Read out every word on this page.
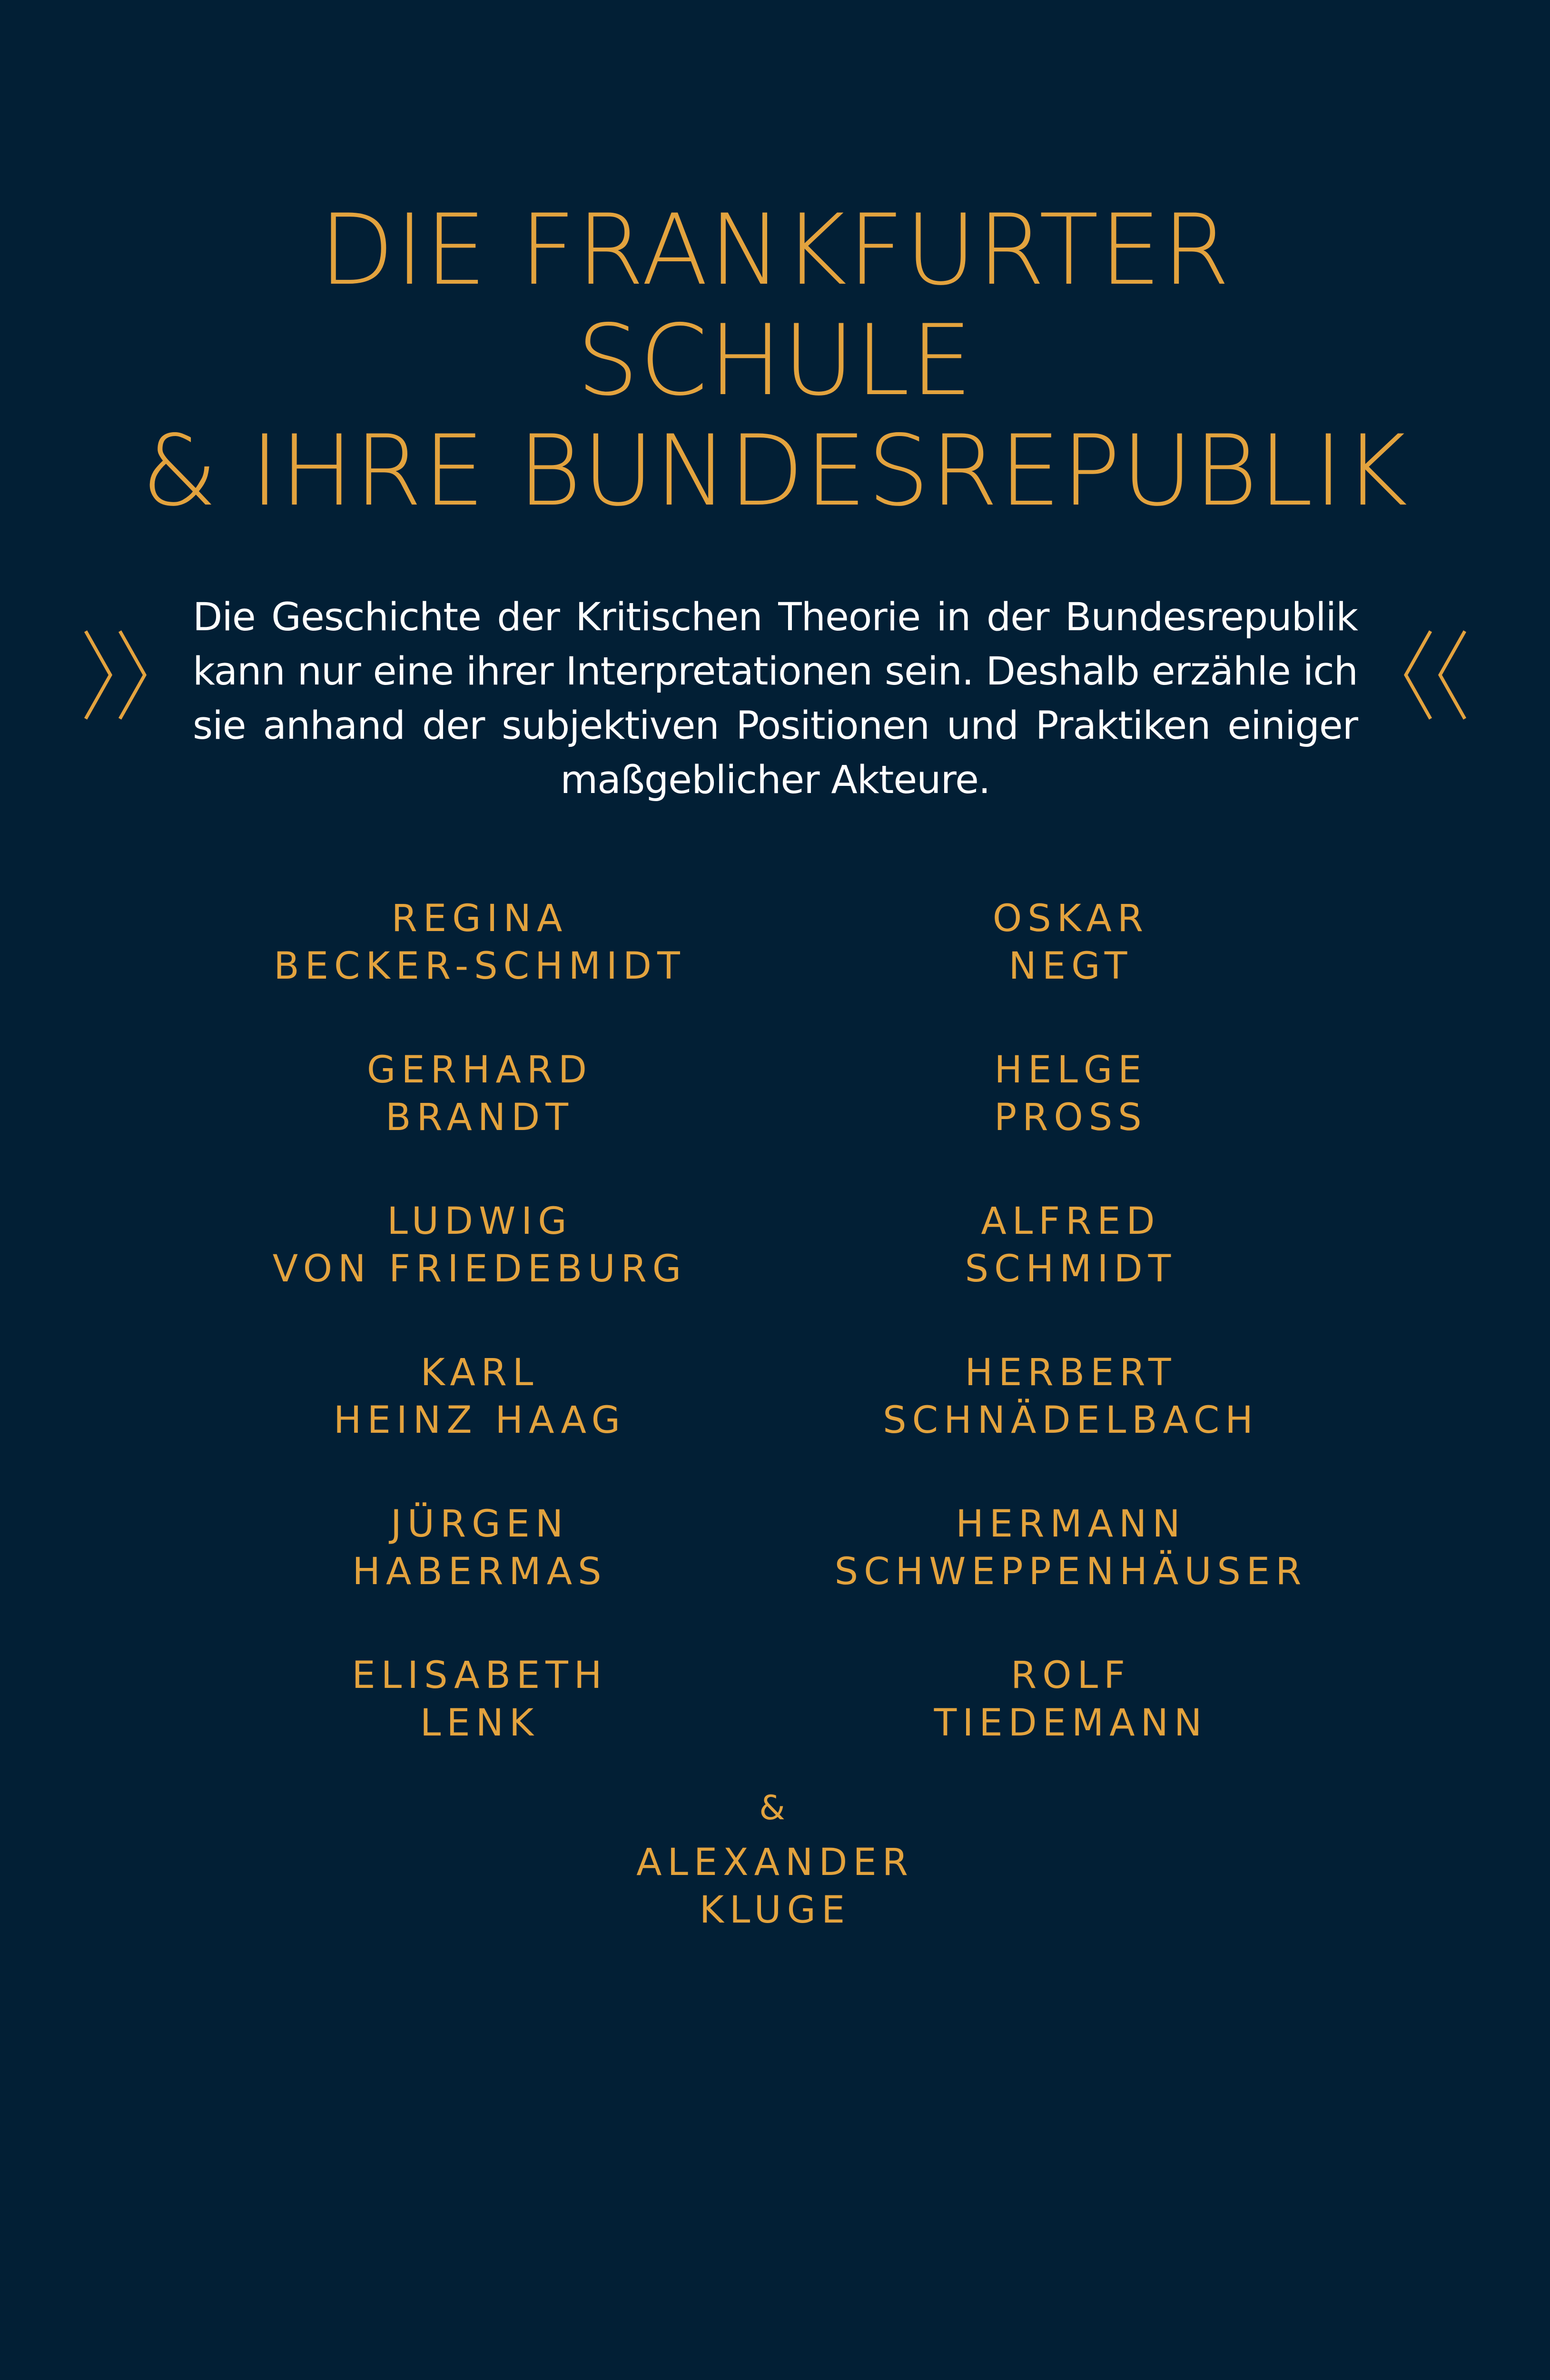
DIE FRANKFURTER
SCHULE
& IHRE BUNDESREPUBLIK

Die Geschichte der Kritischen Theorie in der Bundesrepublik kann nur eine ihrer Interpretationen sein. Deshalb erzähle ich sie anhand der subjektiven Positionen und Praktiken einiger maßgeblicher Akteure.

REGINA
BECKER-SCHMIDT
OSKAR
NEGT
GERHARD
BRANDT
HELGE
PROSS
LUDWIG
VON FRIEDEBURG
ALFRED
SCHMIDT
KARL
HEINZ HAAG
HERBERT
SCHNÄDELBACH
JÜRGEN
HABERMAS
HERMANN
SCHWEPPENHÄUSER
ELISABETH
LENK
ROLF
TIEDEMANN
&
ALEXANDER
KLUGE
